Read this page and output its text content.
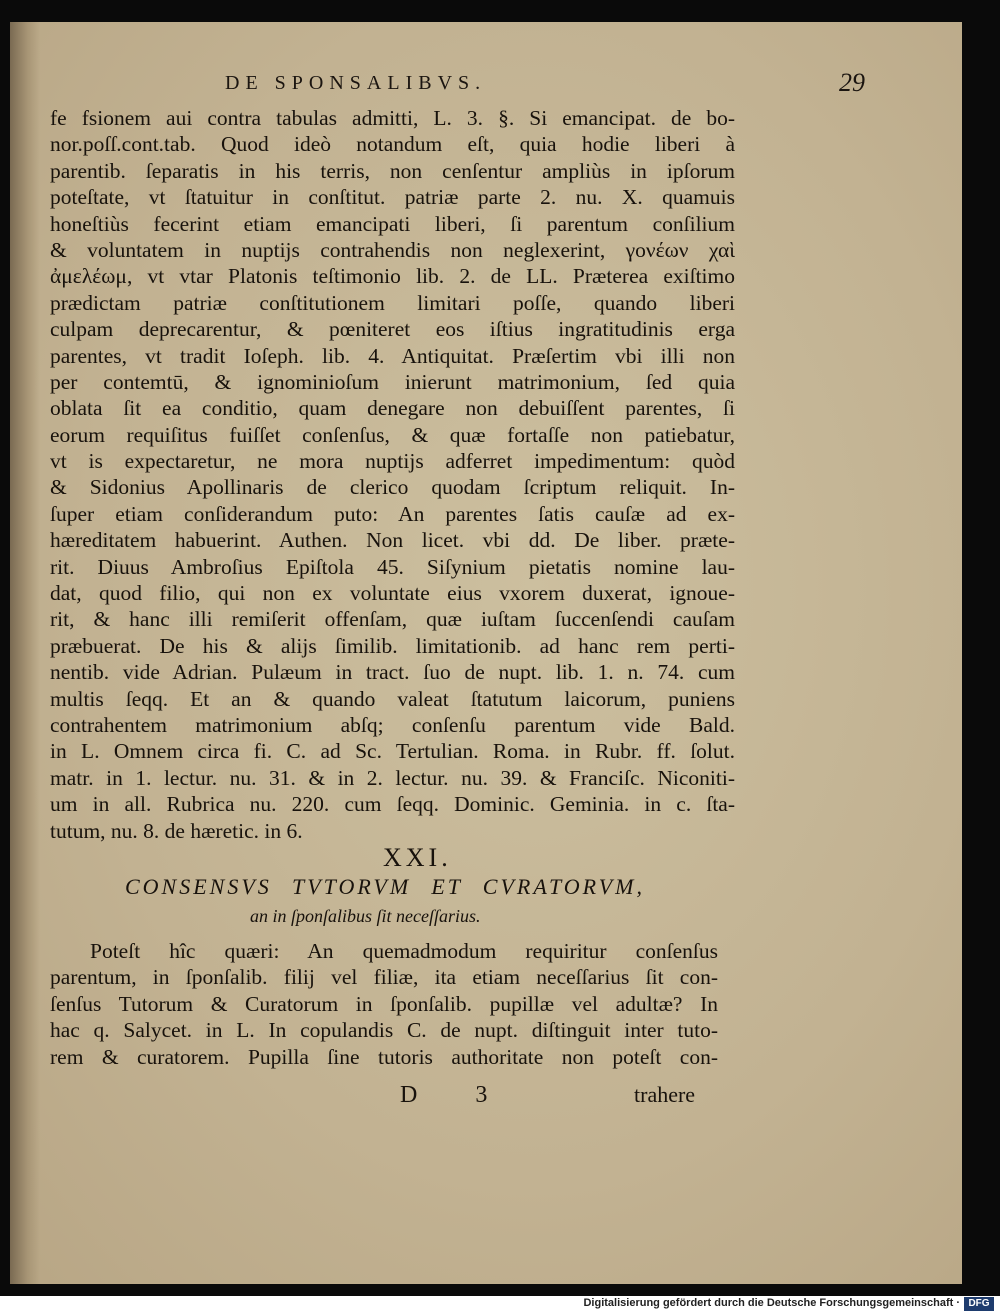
DE SPONSALIBVS.	29
fe fsionem aui contra tabulas admitti, L. 3. §. Si emancipat. de bo-
nor.poſſ.cont.tab. Quod ideò notandum eſt, quia hodie liberi à
parentib. ſeparatis in his terris, non cenſentur ampliùs in ipſorum
poteſtate, vt ſtatuitur in conſtitut. patriæ parte 2. nu. X. quamuis
honeſtiùs fecerint etiam emancipati liberi, ſi parentum conſilium
& voluntatem in nuptijs contrahendis non neglexerint, γονέων χαὶ
ἀμελέωμ, vt vtar Platonis teſtimonio lib. 2. de LL. Præterea exiſtimo
prædictam patriæ conſtitutionem limitari poſſe, quando liberi
culpam deprecarentur, & pœniteret eos iſtius ingratitudinis erga
parentes, vt tradit Ioſeph. lib. 4. Antiquitat. Præſertim vbi illi non
per contemtū, & ignominioſum inierunt matrimonium, ſed quia
oblata ſit ea conditio, quam denegare non debuiſſent parentes, ſi
eorum requiſitus fuiſſet conſenſus, & quæ fortaſſe non patiebatur,
vt is expectaretur, ne mora nuptijs adferret impedimentum: quòd
& Sidonius Apollinaris de clerico quodam ſcriptum reliquit. In-
ſuper etiam conſiderandum puto: An parentes ſatis cauſæ ad ex-
hæreditatem habuerint. Authen. Non licet. vbi dd. De liber. præte-
rit. Diuus Ambroſius Epiſtola 45. Siſynium pietatis nomine lau-
dat, quod filio, qui non ex voluntate eius vxorem duxerat, ignoue-
rit, & hanc illi remiſerit offenſam, quæ iuſtam ſuccenſendi cauſam
præbuerat. De his & alijs ſimilib. limitationib. ad hanc rem perti-
nentib. vide Adrian. Pulæum in tract. ſuo de nupt. lib. 1. n. 74. cum
multis ſeqq. Et an & quando valeat ſtatutum laicorum, puniens
contrahentem matrimonium abſq; conſenſu parentum vide Bald.
in L. Omnem circa fi. C. ad Sc. Tertulian. Roma. in Rubr. ff. ſolut.
matr. in 1. lectur. nu. 31. & in 2. lectur. nu. 39. & Franciſc. Niconiti-
um in all. Rubrica nu. 220. cum ſeqq. Dominic. Geminia. in c. ſta-
tutum, nu. 8. de hæretic. in 6.
XXI.
CONSENSVS TVTORVM ET CVRATORVM,
an in ſponſalibus ſit neceſſarius.
Poteſt hîc quæri: An quemadmodum requiritur conſenſus
parentum, in ſponſalib. filij vel filiæ, ita etiam neceſſarius ſit con-
ſenſus Tutorum & Curatorum in ſponſalib. pupillæ vel adultæ? In
hac q. Salycet. in L. In copulandis C. de nupt. diſtinguit inter tuto-
rem & curatorem. Pupilla ſine tutoris authoritate non poteſt con-
D 3	trahere
Digitalisierung gefördert durch die Deutsche Forschungsgemeinschaft · DFG
